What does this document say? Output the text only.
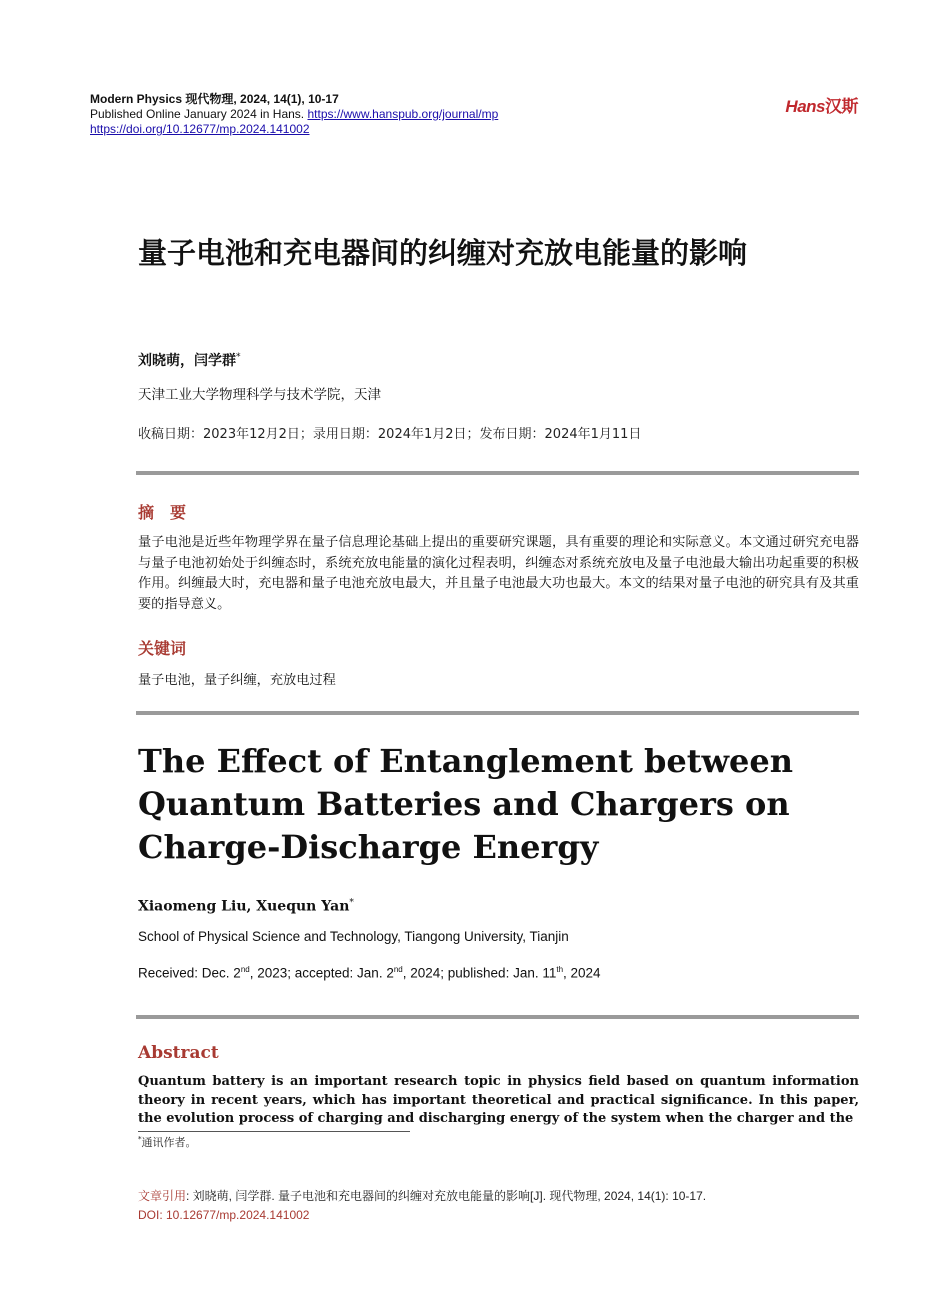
Modern Physics 现代物理, 2024, 14(1), 10-17
Published Online January 2024 in Hans. https://www.hanspub.org/journal/mp
https://doi.org/10.12677/mp.2024.141002
Hans汉斯
量子电池和充电器间的纠缠对充放电能量的影响
刘晓萌，闫学群*
天津工业大学物理科学与技术学院，天津
收稿日期：2023年12月2日；录用日期：2024年1月2日；发布日期：2024年1月11日
摘　要
量子电池是近些年物理学界在量子信息理论基础上提出的重要研究课题，具有重要的理论和实际意义。本文通过研究充电器与量子电池初始处于纠缠态时，系统充放电能量的演化过程表明，纠缠态对系统充放电及量子电池最大输出功起重要的积极作用。纠缠最大时，充电器和量子电池充放电最大，并且量子电池最大功也最大。本文的结果对量子电池的研究具有及其重要的指导意义。
关键词
量子电池，量子纠缠，充放电过程
The Effect of Entanglement between Quantum Batteries and Chargers on Charge-Discharge Energy
Xiaomeng Liu, Xuequn Yan*
School of Physical Science and Technology, Tiangong University, Tianjin
Received: Dec. 2nd, 2023; accepted: Jan. 2nd, 2024; published: Jan. 11th, 2024
Abstract
Quantum battery is an important research topic in physics field based on quantum information theory in recent years, which has important theoretical and practical significance. In this paper, the evolution process of charging and discharging energy of the system when the charger and the
*通讯作者。
文章引用: 刘晓萌, 闫学群. 量子电池和充电器间的纠缠对充放电能量的影响[J]. 现代物理, 2024, 14(1): 10-17.
DOI: 10.12677/mp.2024.141002
